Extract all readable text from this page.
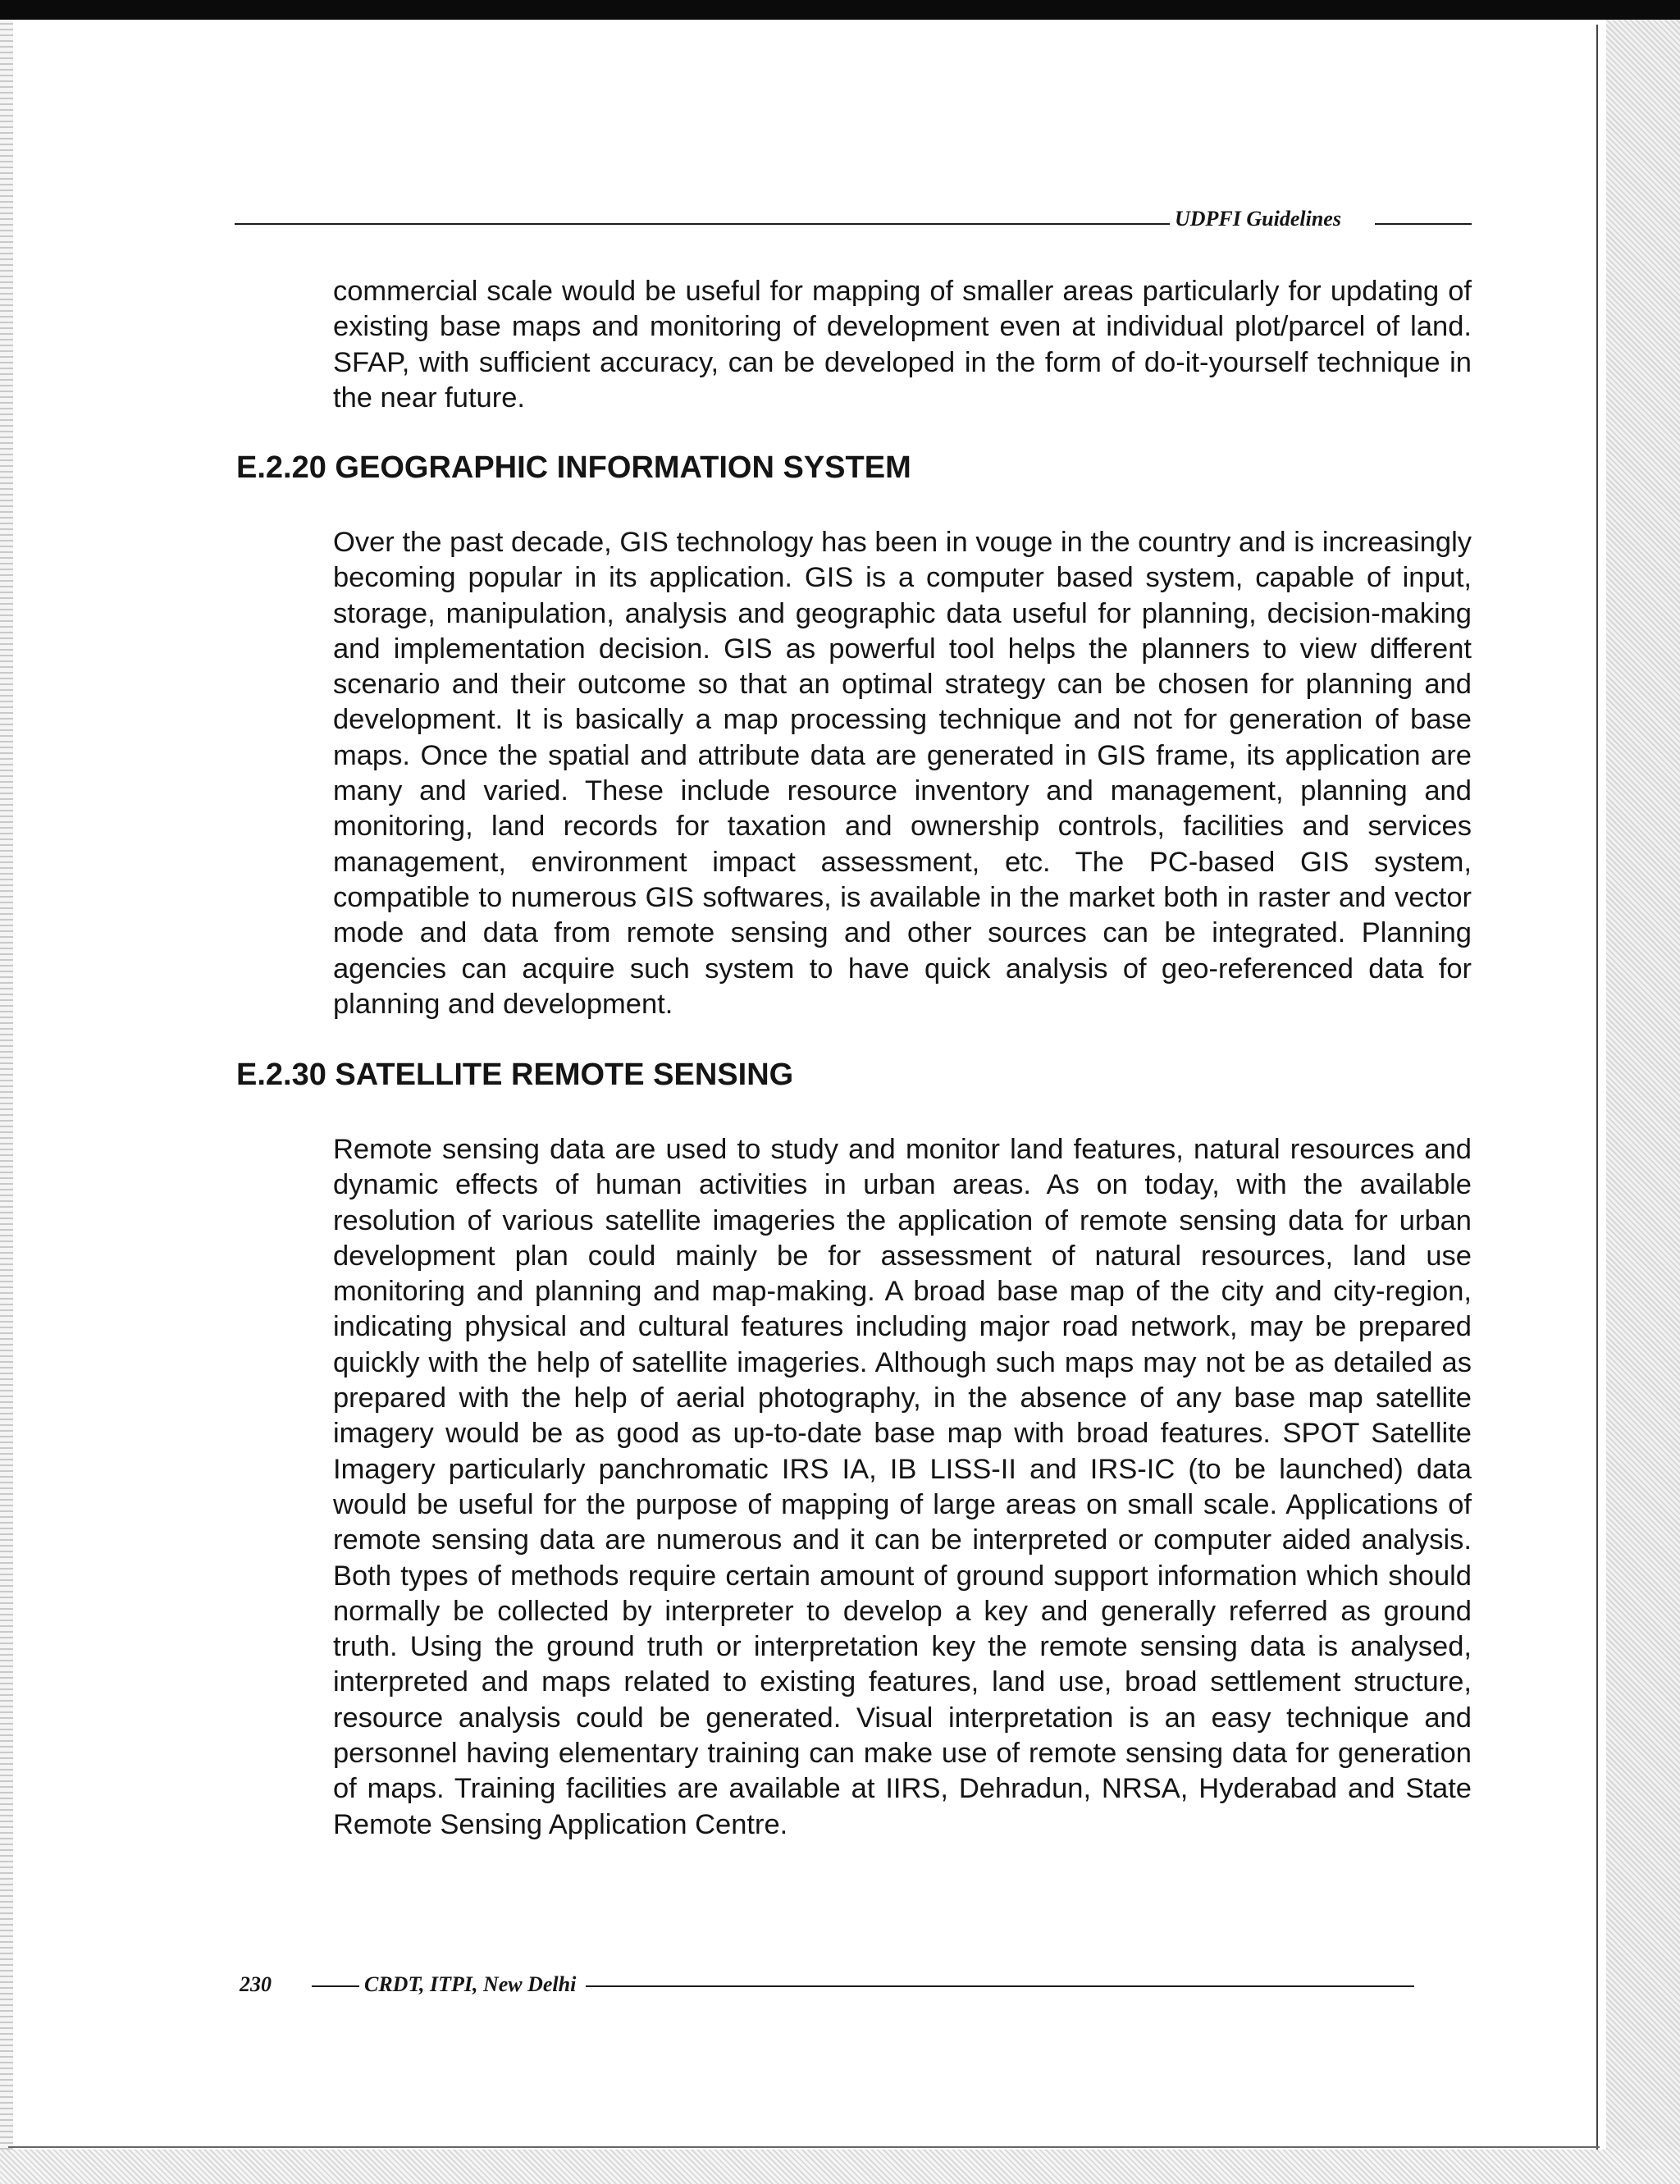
UDPFI Guidelines

commercial scale would be useful for mapping of smaller areas particularly for updating of existing base maps and monitoring of development even at individual plot/parcel of land. SFAP, with sufficient accuracy, can be developed in the form of do-it-yourself technique in the near future.

E.2.20 GEOGRAPHIC INFORMATION SYSTEM

Over the past decade, GIS technology has been in vouge in the country and is increasingly becoming popular in its application. GIS is a computer based system, capable of input, storage, manipulation, analysis and geographic data useful for planning, decision-making and implementation decision. GIS as powerful tool helps the planners to view different scenario and their outcome so that an optimal strategy can be chosen for planning and development. It is basically a map processing technique and not for generation of base maps. Once the spatial and attribute data are generated in GIS frame, its application are many and varied. These include resource inventory and management, planning and monitoring, land records for taxation and ownership controls, facilities and services management, environment impact assessment, etc. The PC-based GIS system, compatible to numerous GIS softwares, is available in the market both in raster and vector mode and data from remote sensing and other sources can be integrated. Planning agencies can acquire such system to have quick analysis of geo-referenced data for planning and development.

E.2.30 SATELLITE REMOTE SENSING

Remote sensing data are used to study and monitor land features, natural resources and dynamic effects of human activities in urban areas. As on today, with the available resolution of various satellite imageries the application of remote sensing data for urban development plan could mainly be for assessment of natural resources, land use monitoring and planning and map-making. A broad base map of the city and city-region, indicating physical and cultural features including major road network, may be prepared quickly with the help of satellite imageries. Although such maps may not be as detailed as prepared with the help of aerial photography, in the absence of any base map satellite imagery would be as good as up-to-date base map with broad features. SPOT Satellite Imagery particularly panchromatic IRS IA, IB LISS-II and IRS-IC (to be launched) data would be useful for the purpose of mapping of large areas on small scale. Applications of remote sensing data are numerous and it can be interpreted or computer aided analysis. Both types of methods require certain amount of ground support information which should normally be collected by interpreter to develop a key and generally referred as ground truth. Using the ground truth or interpretation key the remote sensing data is analysed, interpreted and maps related to existing features, land use, broad settlement structure, resource analysis could be generated. Visual interpretation is an easy technique and personnel having elementary training can make use of remote sensing data for generation of maps. Training facilities are available at IIRS, Dehradun, NRSA, Hyderabad and State Remote Sensing Application Centre.

230	CRDT, ITPI, New Delhi
